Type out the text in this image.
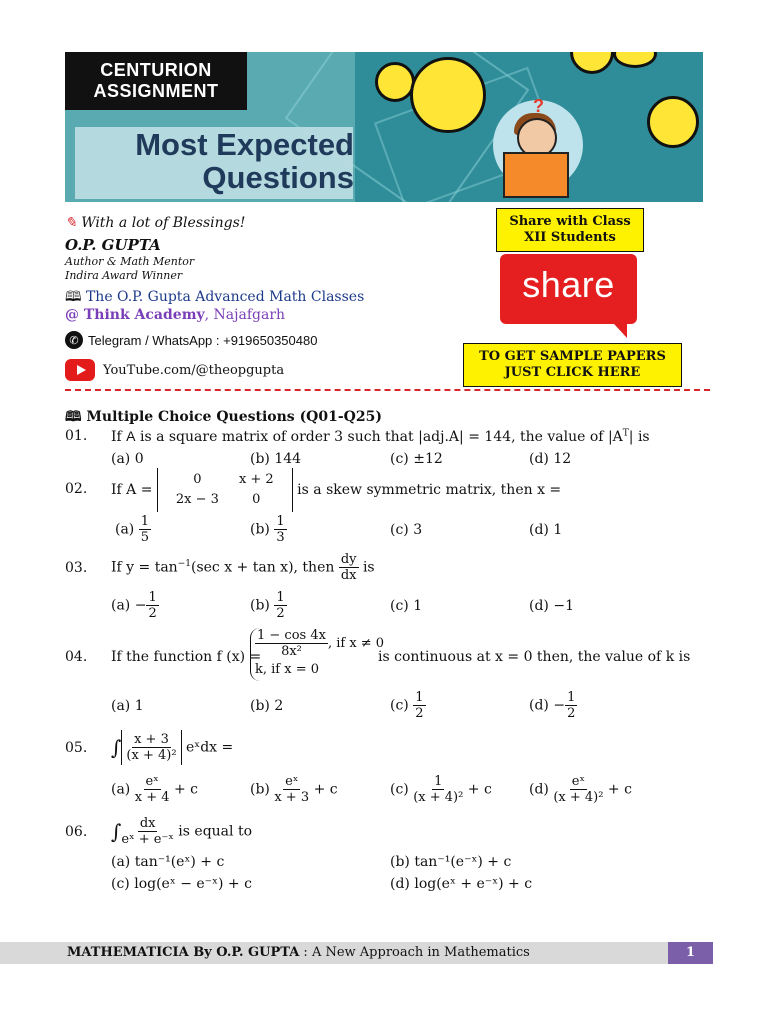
CENTURION
ASSIGNMENT
Most Expected
Questions
?
✎ With a lot of Blessings!
O.P. GUPTA
Author & Math Mentor
Indira Award Winner
🕮 The O.P. Gupta Advanced Math Classes
@ Think Academy, Najafgarh
✆ Telegram / WhatsApp : +919650350480
YouTube.com/@theopgupta
Share with Class
XII Students
share
TO GET SAMPLE PAPERS
JUST CLICK HERE
🕮 Multiple Choice Questions (Q01-Q25)
01. If A is a square matrix of order 3 such that |adj.A| = 144, the value of $|A^T|$ is
(a) 0	(b) 144	(c) ±12	(d) 12
02. If A =
0	x + 2
2x − 3	0
is a skew symmetric matrix, then x =
$(a) \frac{1}{5}$	$(b) \frac{1}{3}$	(c) 3	(d) 1
03. If $y = \tan^{-1}(\sec$ x + tan x), then $\frac{dy}{dx}$ is
$(a) - \frac{1}{2}$	$(b) \frac{1}{2}$	(c) 1	(d) −1
04. If the function f (x) =
$\frac{1 - \cos 4x}{\text{8x²}}$ , if x ≠ 0
k, if x = 0
is continuous at x = 0 then, the value of k is
(a) 1	(b) 2	$(c) \frac{1}{2}$	$(d) - \frac{1}{2}$
05. ∫ $\frac{x + 3}{\text{(x + 4)²}}$ eˣdx =
$(a) \frac{\text{eˣ}}{x + 4} + c$	$(b) \frac{\text{eˣ}}{x + 3} + c$	$(c) \frac{1}{\text{(x + 4)²}} + c$	$(d) \frac{\text{eˣ}}{\text{(x + 4)²}} + c$
06. ∫ $\frac{dx}{\text{eˣ + e⁻ˣ}}$ is equal to
(a) tan⁻¹(eˣ) + c	(b) tan⁻¹(e⁻ˣ) + c
(c) log(eˣ − e⁻ˣ) + c	(d) log(eˣ + e⁻ˣ) + c
MATHEMATICIA By O.P. GUPTA : A New Approach in Mathematics	1
